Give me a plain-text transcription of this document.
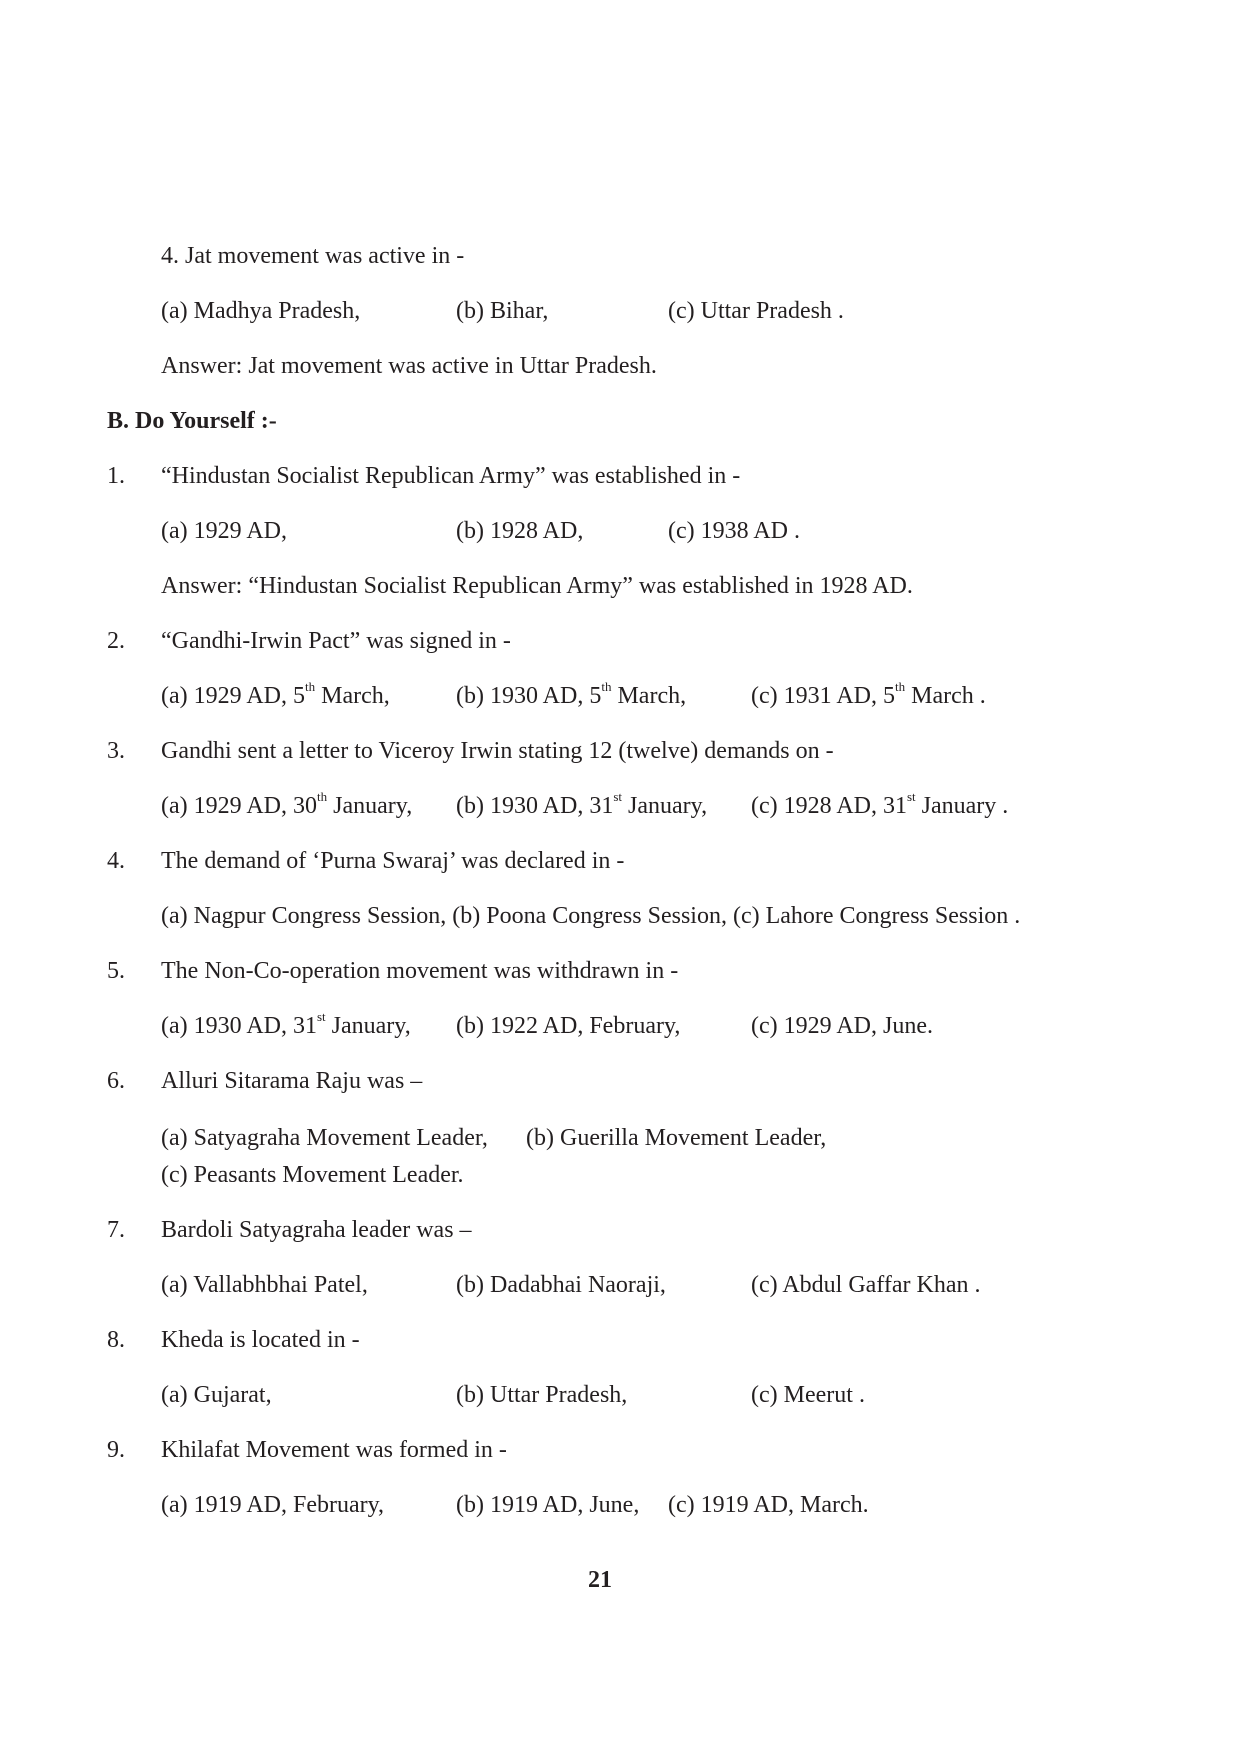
4. Jat movement was active in -
(a) Madhya Pradesh,	(b) Bihar,	(c) Uttar Pradesh .
Answer: Jat movement was active in Uttar Pradesh.
B. Do Yourself :-
1. “Hindustan Socialist Republican Army” was established in -
(a) 1929 AD,	(b) 1928 AD,	(c) 1938 AD .
Answer: “Hindustan Socialist Republican Army” was established in 1928 AD.
2. “Gandhi-Irwin Pact” was signed in -
(a) 1929 AD, 5th March,	(b) 1930 AD, 5th March,	(c) 1931 AD, 5th March .
3. Gandhi sent a letter to Viceroy Irwin stating 12 (twelve) demands on -
(a) 1929 AD, 30th January, (b) 1930 AD, 31st January, (c) 1928 AD, 31st January .
4. The demand of ‘Purna Swaraj’ was declared in -
(a) Nagpur Congress Session, (b) Poona Congress Session, (c) Lahore Congress Session .
5. The Non-Co-operation movement was withdrawn in -
(a) 1930 AD, 31st January, (b) 1922 AD, February,	(c) 1929 AD, June.
6. Alluri Sitarama Raju was –
(a) Satyagraha Movement Leader, (b) Guerilla Movement Leader,
(c) Peasants Movement Leader.
7. Bardoli Satyagraha leader was –
(a) Vallabhbhai Patel,	(b) Dadabhai Naoraji,	(c) Abdul Gaffar Khan .
8. Kheda is located in -
(a) Gujarat,	(b) Uttar Pradesh,	(c) Meerut .
9. Khilafat Movement was formed in -
(a) 1919 AD, February,	(b) 1919 AD, June, (c) 1919 AD, March.
21
